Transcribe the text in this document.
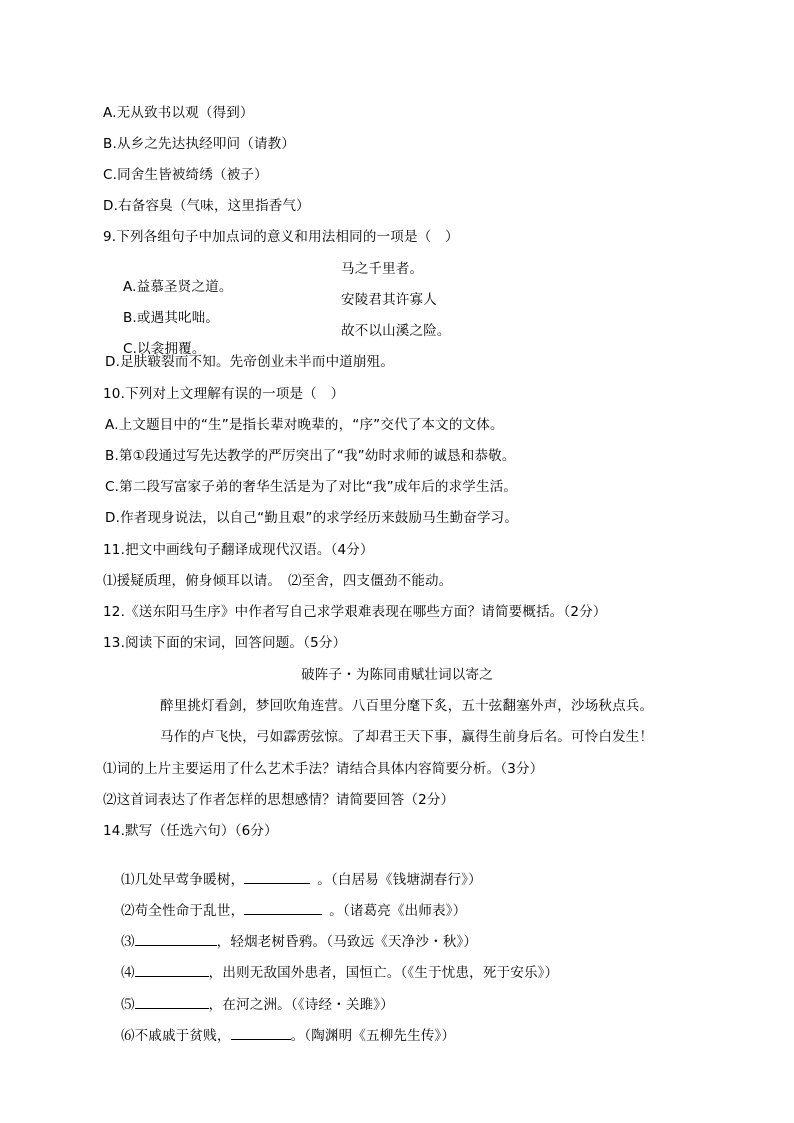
A.无从致书以观（得到）
B.从乡之先达执经叩问（请教）
C.同舍生皆被绮绣（被子）
D.右备容臭（气味，这里指香气）
9.下列各组句子中加点词的意义和用法相同的一项是（　）

A.益慕圣贤之道。
马之千里者。

B.或遇其叱咄。
安陵君其许寡人

C.以衾拥覆。
故不以山溪之险。

D.足肤皲裂而不知。先帝创业未半而中道崩殂。
10.下列对上文理解有误的一项是（　）
A.上文题目中的“生”是指长辈对晚辈的，“序”交代了本文的文体。
B.第①段通过写先达教学的严厉突出了“我”幼时求师的诚恳和恭敬。
C.第二段写富家子弟的奢华生活是为了对比“我”成年后的求学生活。
D.作者现身说法，以自己“勤且艰”的求学经历来鼓励马生勤奋学习。
11.把文中画线句子翻译成现代汉语。（4分）
⑴援疑质理，俯身倾耳以请。　⑵至舍，四支僵劲不能动。
12.《送东阳马生序》中作者写自己求学艰难表现在哪些方面？请简要概括。（2分）
13.阅读下面的宋词，回答问题。（5分）
破阵子・为陈同甫赋壮词以寄之
醉里挑灯看剑，梦回吹角连营。八百里分麾下炙，五十弦翻塞外声，沙场秋点兵。
马作的卢飞快，弓如霹雳弦惊。了却君王天下事，赢得生前身后名。可怜白发生！
⑴词的上片主要运用了什么艺术手法？请结合具体内容简要分析。（3分）
⑵这首词表达了作者怎样的思想感情？请简要回答（2分）
14.默写（任选六句）（6分）

⑴几处早莺争暖树， 	。（白居易《钱塘湖春行》）

⑵苟全性命于乱世， 	。（诸葛亮《出师表》）

⑶	，轻烟老树昏鸦。（马致远《天净沙・秋》）

⑷	，出则无敌国外患者，国恒亡。（《生于忧患，死于安乐》）

⑸	，在河之洲。（《诗经・关雎》）

⑹不戚戚于贫贱，	。（陶渊明《五柳先生传》）
